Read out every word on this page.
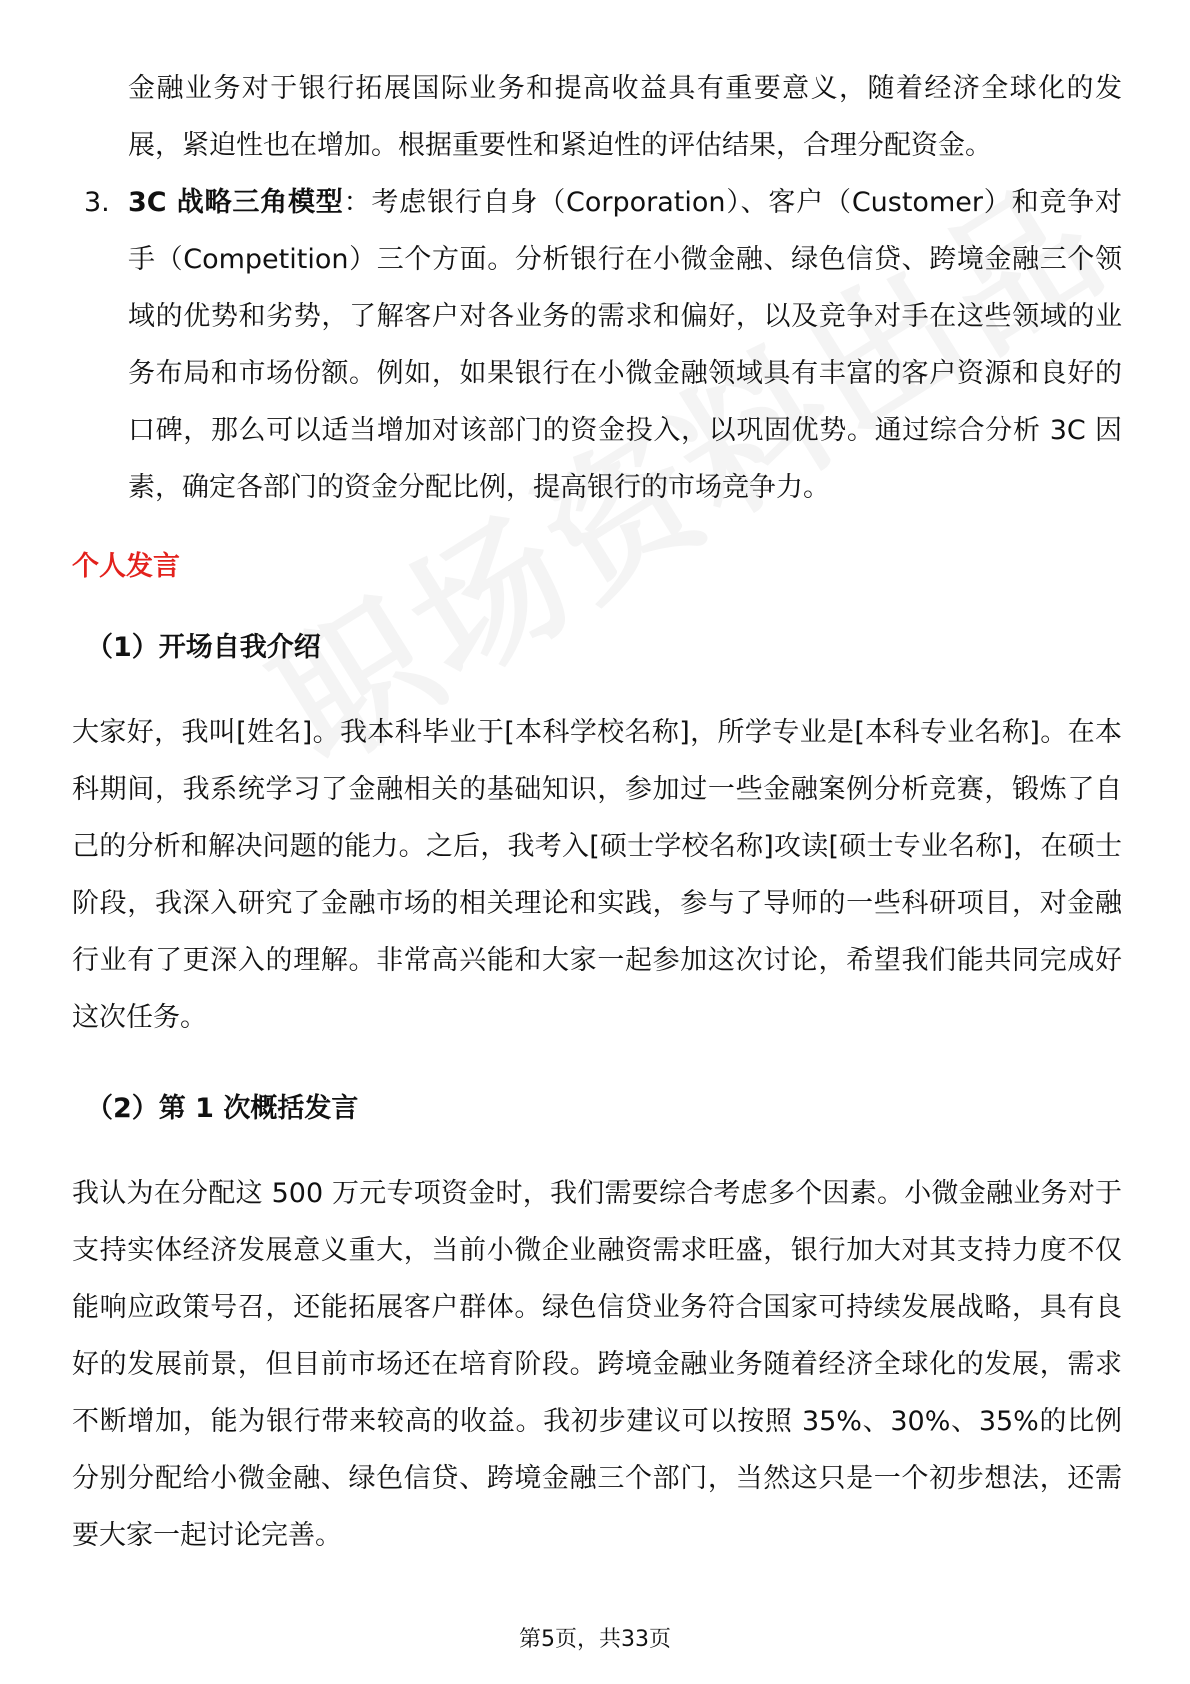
金融业务对于银行拓展国际业务和提高收益具有重要意义，随着经济全球化的发展，紧迫性也在增加。根据重要性和紧迫性的评估结果，合理分配资金。
3. 3C 战略三角模型：考虑银行自身（Corporation）、客户（Customer）和竞争对手（Competition）三个方面。分析银行在小微金融、绿色信贷、跨境金融三个领域的优势和劣势，了解客户对各业务的需求和偏好，以及竞争对手在这些领域的业务布局和市场份额。例如，如果银行在小微金融领域具有丰富的客户资源和良好的口碑，那么可以适当增加对该部门的资金投入，以巩固优势。通过综合分析 3C 因素，确定各部门的资金分配比例，提高银行的市场竞争力。
个人发言
（1）开场自我介绍
大家好，我叫[姓名]。我本科毕业于[本科学校名称]，所学专业是[本科专业名称]。在本科期间，我系统学习了金融相关的基础知识，参加过一些金融案例分析竞赛，锻炼了自己的分析和解决问题的能力。之后，我考入[硕士学校名称]攻读[硕士专业名称]，在硕士阶段，我深入研究了金融市场的相关理论和实践，参与了导师的一些科研项目，对金融行业有了更深入的理解。非常高兴能和大家一起参加这次讨论，希望我们能共同完成好这次任务。
（2）第 1 次概括发言
我认为在分配这 500 万元专项资金时，我们需要综合考虑多个因素。小微金融业务对于支持实体经济发展意义重大，当前小微企业融资需求旺盛，银行加大对其支持力度不仅能响应政策号召，还能拓展客户群体。绿色信贷业务符合国家可持续发展战略，具有良好的发展前景，但目前市场还在培育阶段。跨境金融业务随着经济全球化的发展，需求不断增加，能为银行带来较高的收益。我初步建议可以按照 35%、30%、35%的比例分别分配给小微金融、绿色信贷、跨境金融三个部门，当然这只是一个初步想法，还需要大家一起讨论完善。
第5页，共33页
